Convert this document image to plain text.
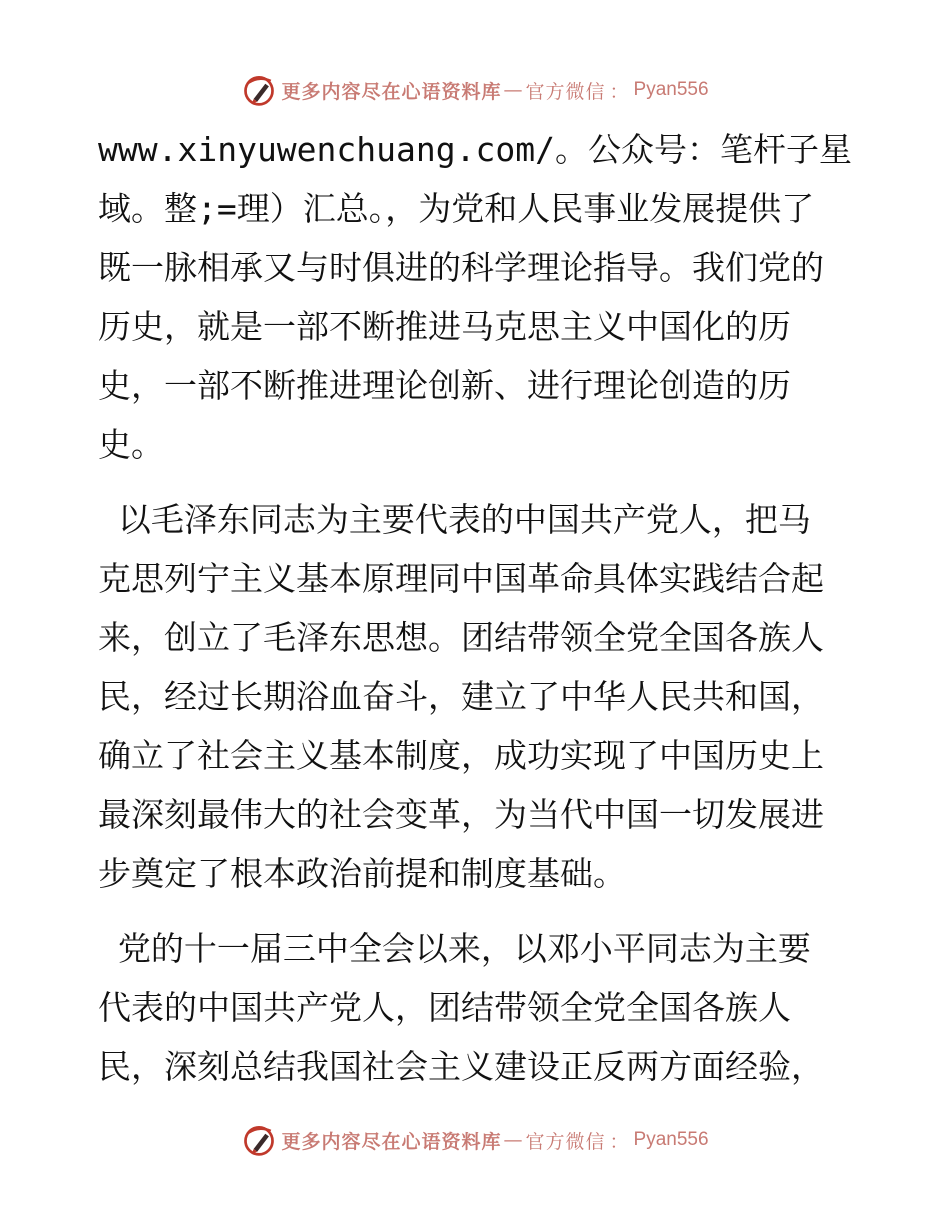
更多内容尽在心语资料库 — 官方微信 ： Pyan556
www.xinyuwenchuang.com/。公众号：笔杆子星
域。整;=理）汇总。，为党和人民事业发展提供了
既一脉相承又与时俱进的科学理论指导。我们党的
历史，就是一部不断推进马克思主义中国化的历
史，一部不断推进理论创新、进行理论创造的历
史。
以毛泽东同志为主要代表的中国共产党人，把马
克思列宁主义基本原理同中国革命具体实践结合起
来，创立了毛泽东思想。团结带领全党全国各族人
民，经过长期浴血奋斗，建立了中华人民共和国，
确立了社会主义基本制度，成功实现了中国历史上
最深刻最伟大的社会变革，为当代中国一切发展进
步奠定了根本政治前提和制度基础。
党的十一届三中全会以来，以邓小平同志为主要
代表的中国共产党人，团结带领全党全国各族人
民，深刻总结我国社会主义建设正反两方面经验，
更多内容尽在心语资料库 — 官方微信 ： Pyan556
